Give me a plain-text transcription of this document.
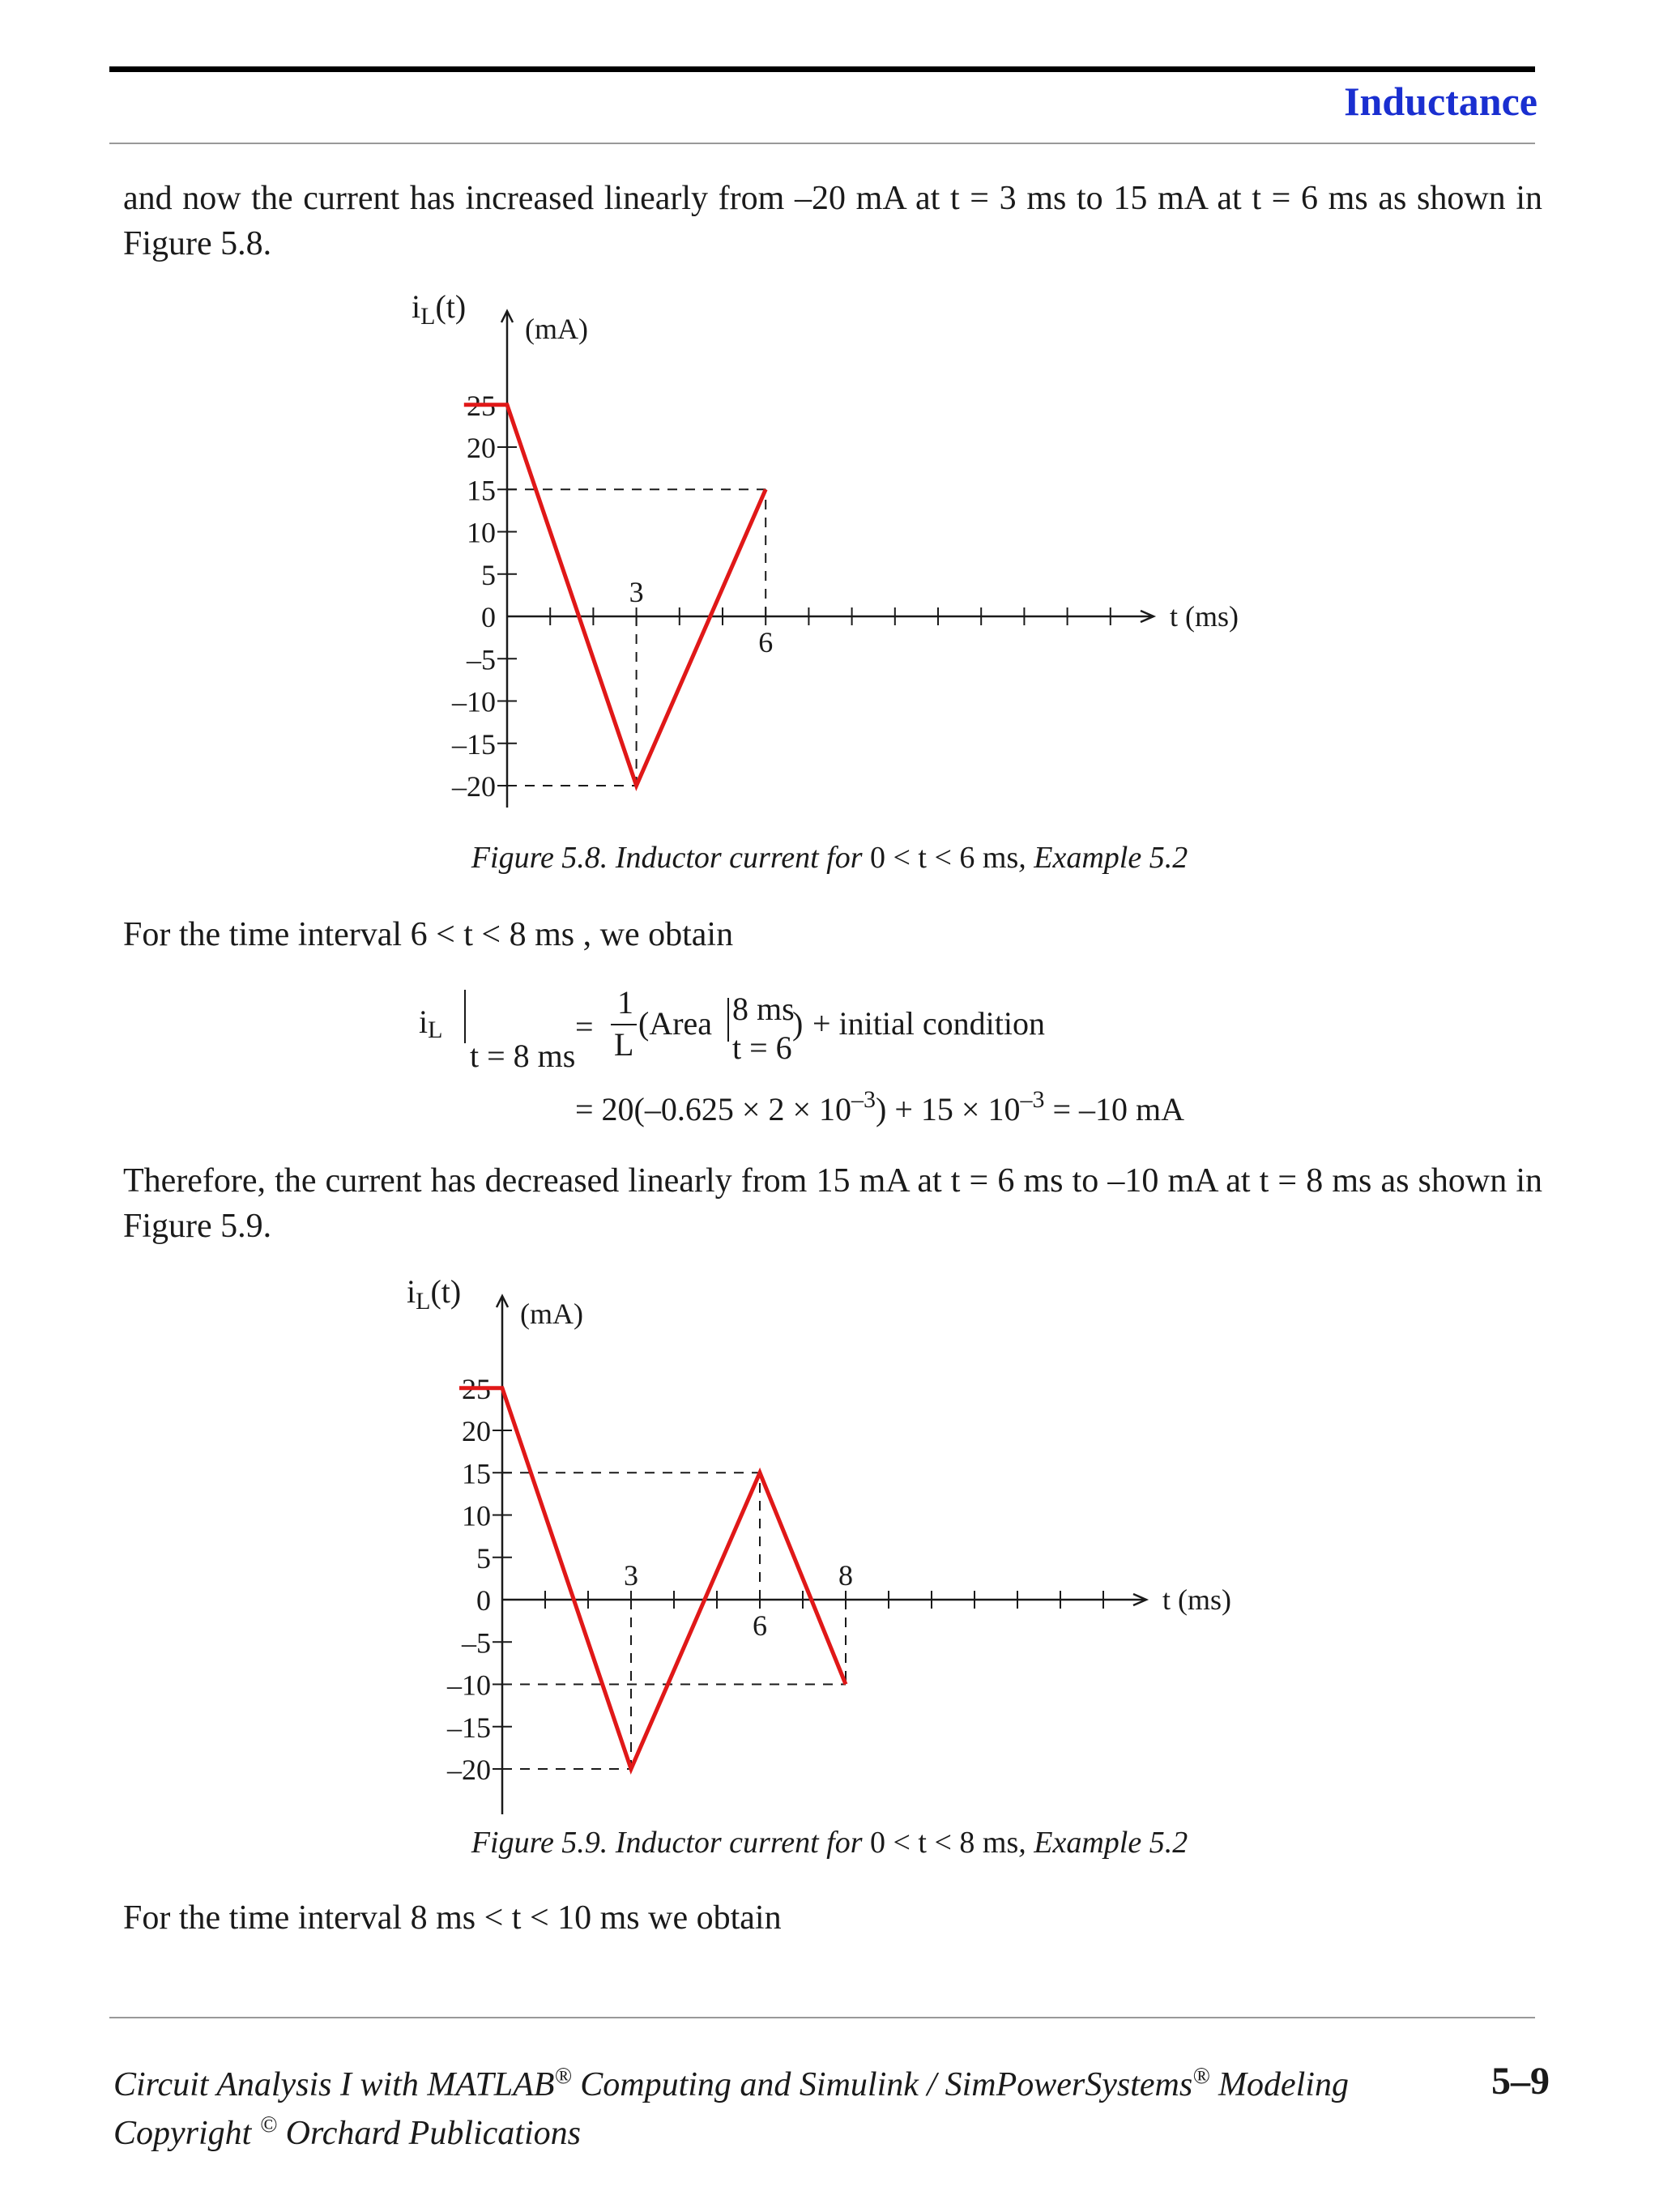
Inductance
and now the current has increased linearly from –20 mA at t = 3 ms to 15 mA at t = 6 ms as shown in Figure 5.8.
25
20
15
10
5
0
–5
–10
–15
–20
3
6
$i_L(t)$
(mA)
t (ms)
Figure 5.8. Inductor current for 0 < t < 6 ms, Example 5.2
For the time interval 6 < t < 8 ms , we obtain
iL
t = 8 ms
=
1
L
(Area 8 ms
t = 6
) + initial condition
= $20(-0.625 \times 2 \times 10^{-3}) + 15 \times 10^{-3} = -10$ mA
Therefore, the current has decreased linearly from 15 mA at t = 6 ms to –10 mA at t = 8 ms as shown in Figure 5.9.
25
20
15
10
5
0
–5
–10
–15
–20
3
6
8
$i_L(t)$
(mA)
t (ms)
Figure 5.9. Inductor current for 0 < t < 8 ms, Example 5.2
For the time interval 8 ms < t < 10 ms we obtain
Circuit Analysis I with MATLAB® Computing and Simulink / SimPowerSystems® Modeling
Copyright © Orchard Publications
5–9
